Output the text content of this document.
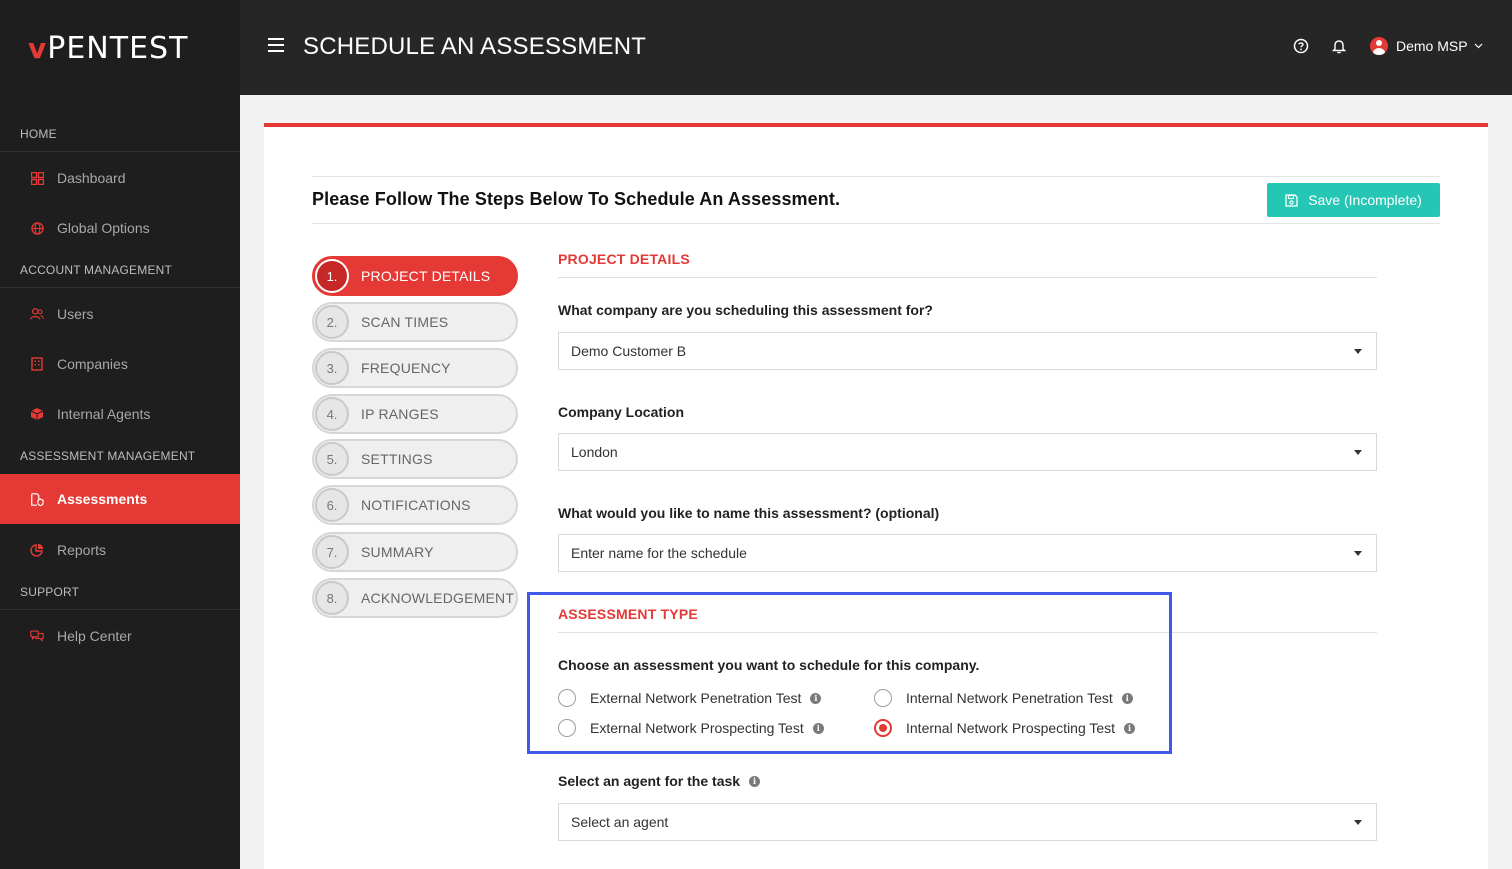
v PENTEST
HOME
Dashboard
Global Options
ACCOUNT MANAGEMENT
Users
Companies
Internal Agents
ASSESSMENT MANAGEMENT
Assessments
Reports
SUPPORT
Help Center
SCHEDULE AN ASSESSMENT	Demo MSP
Please Follow The Steps Below To Schedule An Assessment.	Save (Incomplete)
1.	PROJECT DETAILS
2.	SCAN TIMES
3.	FREQUENCY
4.	IP RANGES
5.	SETTINGS
6.	NOTIFICATIONS
7.	SUMMARY
8.	ACKNOWLEDGEMENT
PROJECT DETAILS
What company are you scheduling this assessment for?
Demo Customer B
Company Location
London
What would you like to name this assessment? (optional)
Enter name for the schedule
ASSESSMENT TYPE
Choose an assessment you want to schedule for this company.
External Network Penetration Test	i	Internal Network Penetration Test	i
External Network Prospecting Test	i	Internal Network Prospecting Test	i
Select an agent for the task	i
Select an agent
